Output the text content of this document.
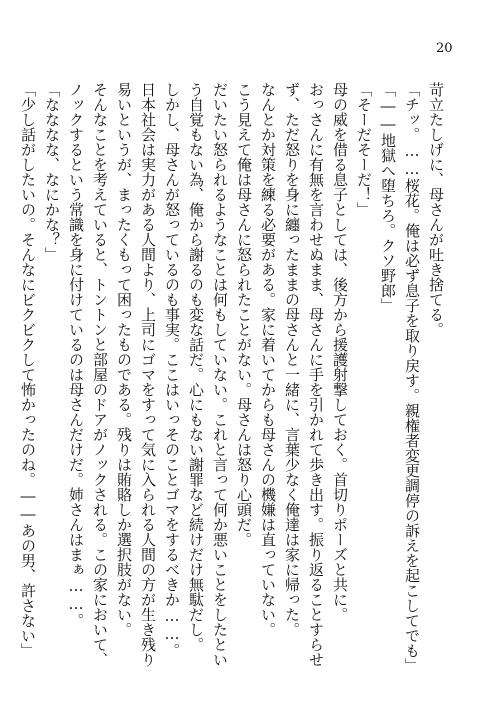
20
苛立たしげに、母さんが吐き捨てる。
「チッ。……桜花。俺は必ず息子を取り戻す。親権者変更調停の訴えを起こしてでも」
「――地獄へ堕ちろ。クソ野郎」
「そーだそーだ！」
母の威を借る息子としては、後方から援護射撃しておく。首切りポーズと共に。
おっさんに有無を言わせぬまま、母さんに手を引かれて歩き出す。振り返ることすらせ
ず、ただ怒りを身に纏ったままの母さんと一緒に、言葉少なく俺達は家に帰った。
なんとか対策を練る必要がある。家に着いてからも母さんの機嫌は直っていない。
こう見えて俺は母さんに怒られたことがない。母さんは怒り心頭だ。
だいたい怒られるようなことは何もしていない。これと言って何か悪いことをしたとい
う自覚もない為、俺から謝るのも変な話だ。心にもない謝罪など続けだけ無駄だし。
しかし、母さんが怒っているのも事実。ここはいっそのことゴマをするべきか……。
日本社会は実力がある人間より、上司にゴマをすって気に入られる人間の方が生き残り
易いというが、まったくもって困ったものである。残りは賄賂しか選択肢がない。
そんなことを考えていると、トントンと部屋のドアがノックされる。この家において、
ノックするという常識を身に付けているのは母さんだけだ。姉さんはまぁ……。
「なななな、なにかな？」
「少し話がしたいの。そんなにビクビクして怖かったのね。――あの男、許さない」
